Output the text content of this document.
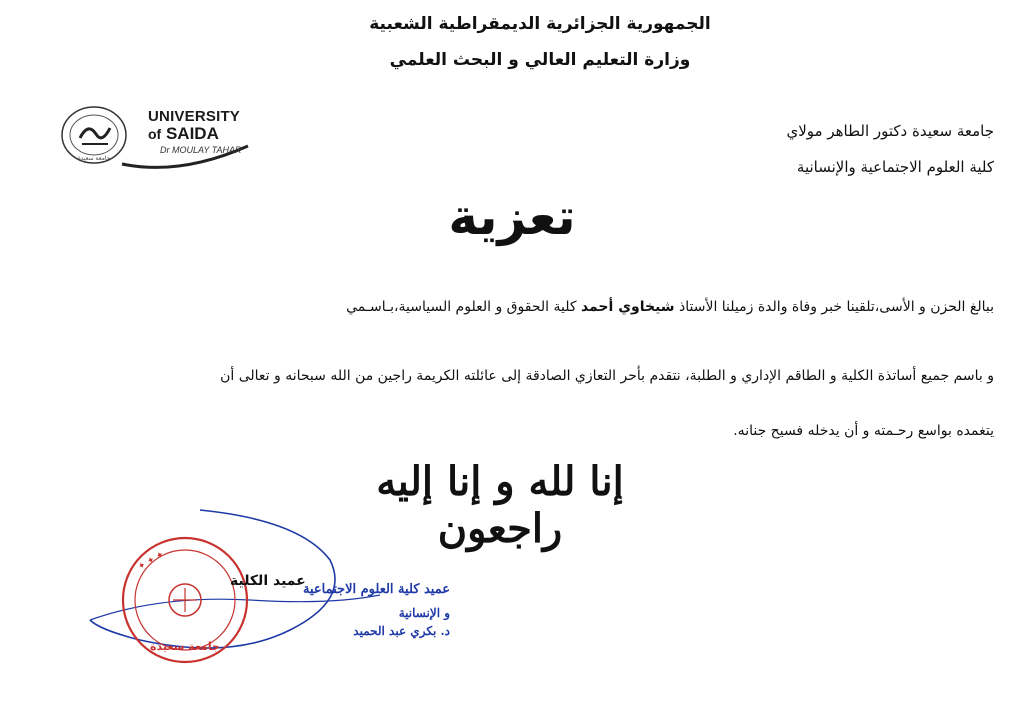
الجمهورية الجزائرية الديمقراطية الشعبية
وزارة التعليم العالي و البحث العلمي
جامعة سعيدة
UNIVERSITY
of SAIDA
Dr MOULAY TAHAR
جامعة سعيدة دكتور الطاهر مولاي
كلية العلوم الاجتماعية والإنسانية
تعزية
ببالغ الحزن و الأسى،تلقينا خبر وفاة والدة زميلنا الأستاذ شيخاوي أحمد كلية الحقوق و العلوم السياسية،بـاسـمي
و باسم جميع أساتذة الكلية و الطاقم الإداري و الطلبة، نتقدم بأحر التعازي الصادقة إلى عائلته الكريمة راجين من الله سبحانه و تعالى أن
يتغمده بواسع رحـمته و أن يدخله فسيح جنانه.
إنا لله و إنا إليه راجعون
✦ ✦ ✦
جامعة سعيدة
عميد الكلية
عميد كلية العلوم الاجتماعية
و الإنسانية
د. بكري عبد الحميد
